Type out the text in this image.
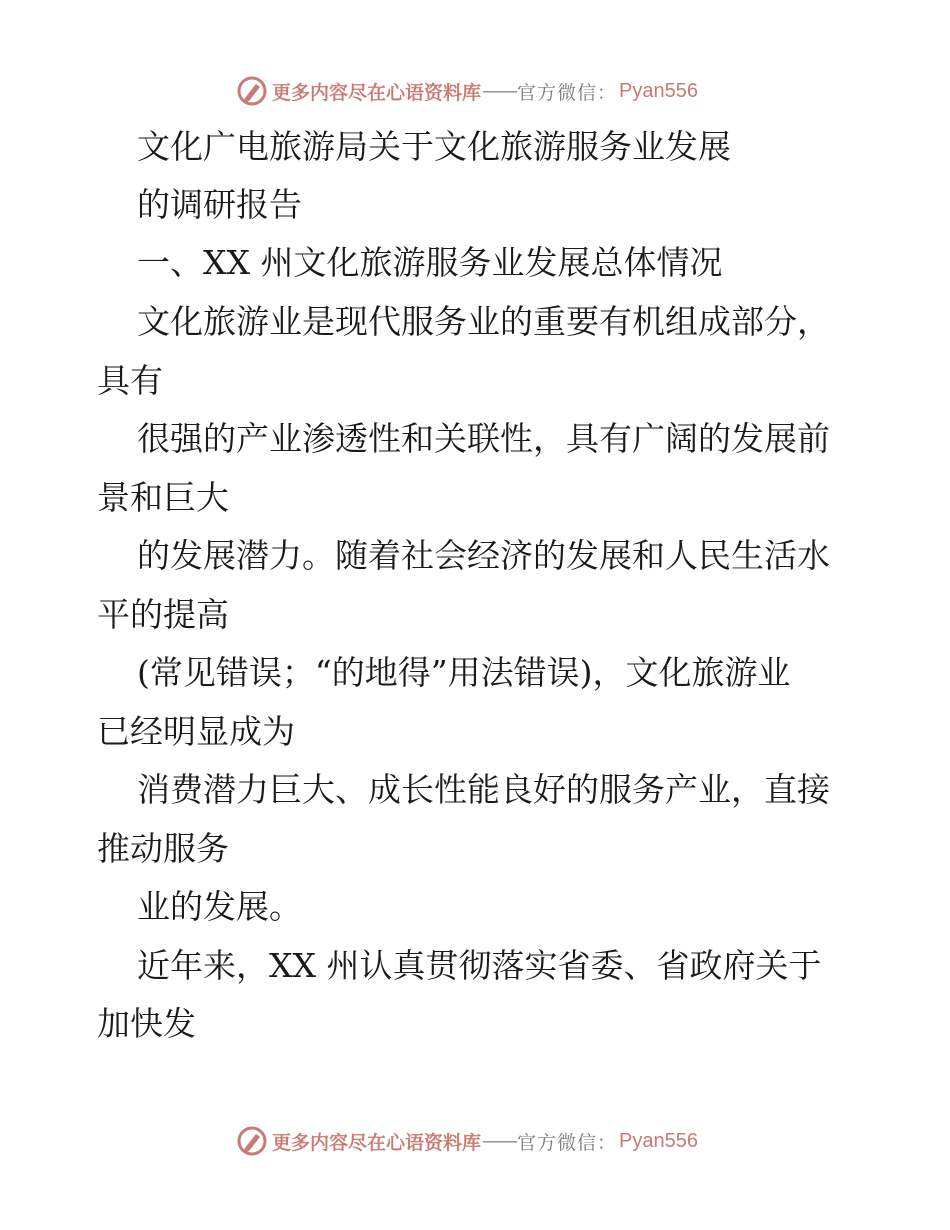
更多内容尽在心语资料库 —— 官方微信： Pyan556
文化广电旅游局关于文化旅游服务业发展
的调研报告
一、XX 州文化旅游服务业发展总体情况
文化旅游业是现代服务业的重要有机组成部分，
具有
很强的产业渗透性和关联性，具有广阔的发展前
景和巨大
的发展潜力。随着社会经济的发展和人民生活水
平的提高
(常见错误；“的地得”用法错误)，文化旅游业
已经明显成为
消费潜力巨大、成长性能良好的服务产业，直接
推动服务
业的发展。
近年来，XX 州认真贯彻落实省委、省政府关于
加快发
更多内容尽在心语资料库 —— 官方微信： Pyan556
